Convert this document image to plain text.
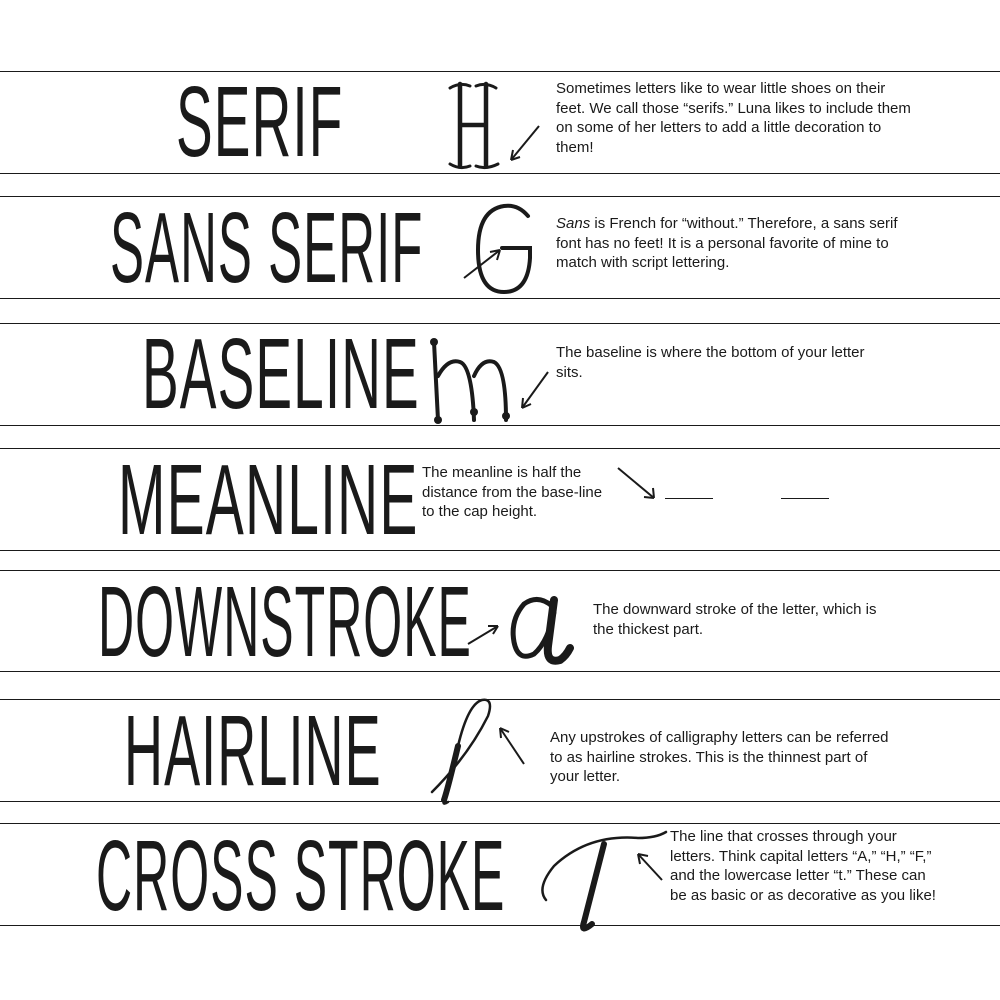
SERIF	Sometimes letters like to wear little shoes on their feet. We call those “serifs.” Luna likes to include them on some of her letters to add a little decoration to them!
SANS SERIF	Sans is French for “without.” Therefore, a sans serif font has no feet! It is a personal favorite of mine to match with script lettering.
BASELINE	The baseline is where the bottom of your letter sits.
MEANLINE The meanline is half the distance from the base-line to the cap height.
DOWNSTROKE	The downward stroke of the letter, which is the thickest part.
HAIRLINE	Any upstrokes of calligraphy letters can be referred to as hairline strokes. This is the thinnest part of your letter.
CROSS STROKE	The line that crosses through your letters. Think capital letters “A,” “H,” “F,” and the lowercase letter “t.” These can be as basic or as decorative as you like!
